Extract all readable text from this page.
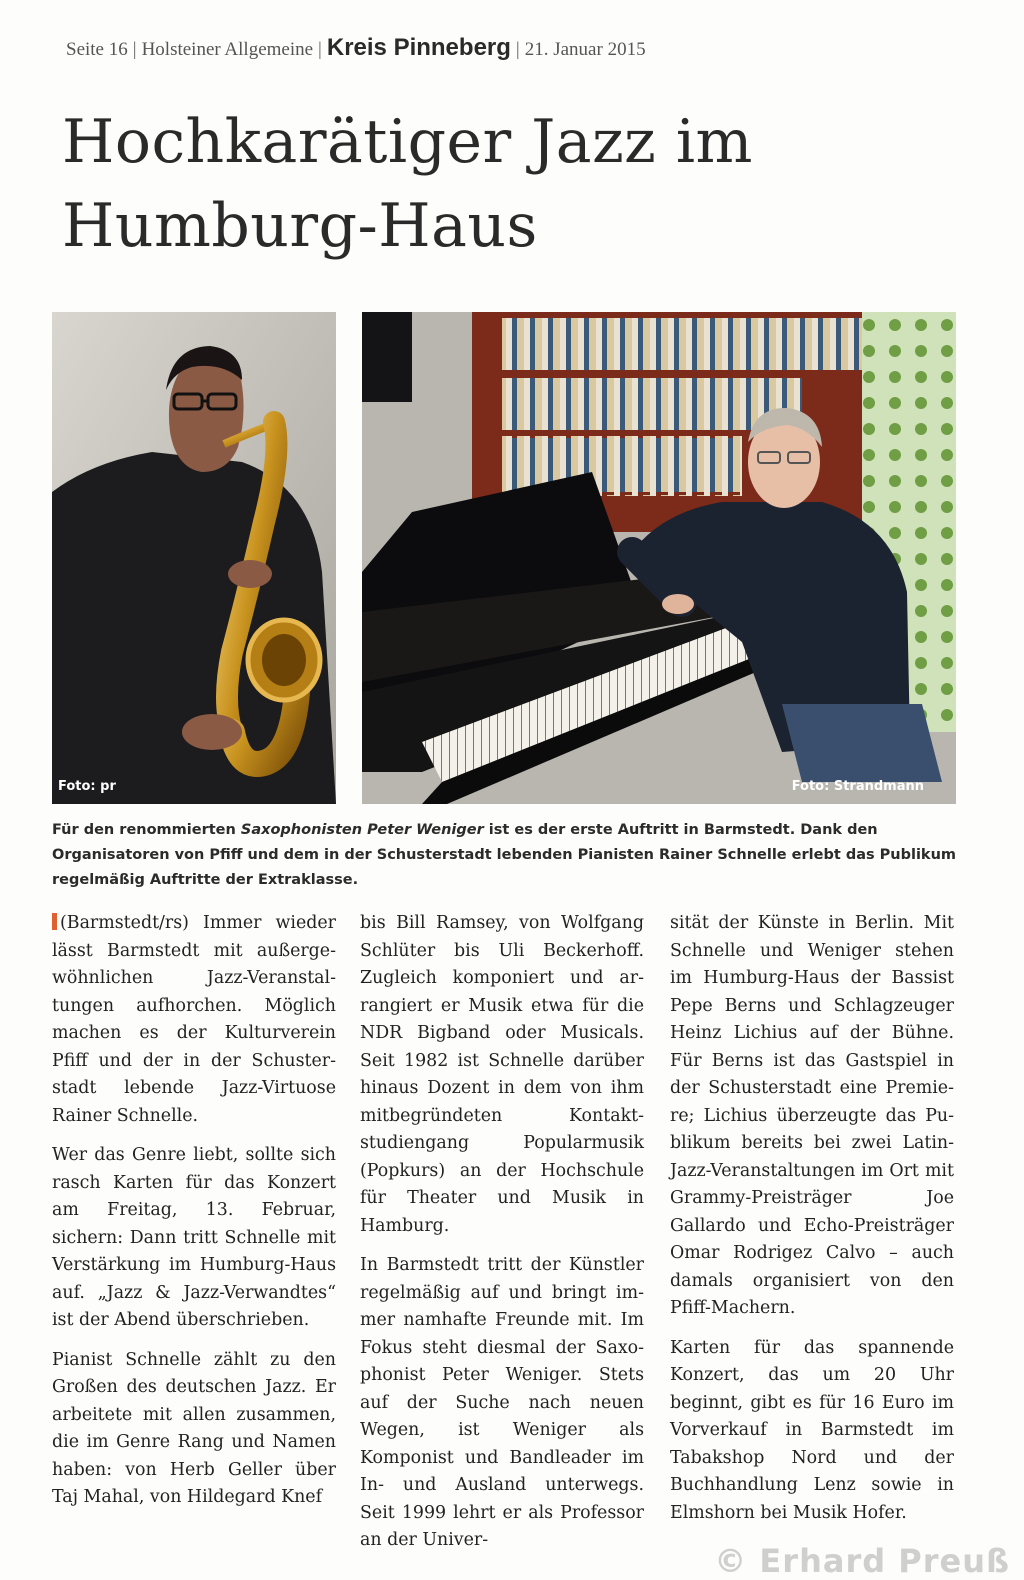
Seite 16 | Holsteiner Allgemeine | Kreis Pinneberg | 21. Januar 2015
Hochkarätiger Jazz im
Humburg-Haus
Foto: pr	Foto: Strandmann

Für den renommierten Saxophonisten Peter Weniger ist es der erste Auftritt in Barmstedt. Dank den Organisatoren von Pfiff und dem in der Schusterstadt lebenden Pianisten Rainer Schnelle erlebt das Publikum regelmäßig Auftritte der Extraklasse.

(Barmstedt/rs) Immer wieder lässt Barmstedt mit außergewöhnlichen Jazz-Veranstaltungen aufhorchen. Möglich machen es der Kulturverein Pfiff und der in der Schusterstadt lebende Jazz-Virtuose Rainer Schnelle.

Wer das Genre liebt, sollte sich rasch Karten für das Konzert am Freitag, 13. Februar, sichern: Dann tritt Schnelle mit Verstärkung im Humburg-Haus auf. „Jazz & Jazz-Verwandtes“ ist der Abend überschrieben.

Pianist Schnelle zählt zu den Großen des deutschen Jazz. Er arbeitete mit allen zusammen, die im Genre Rang und Namen haben: von Herb Geller über Taj Mahal, von Hildegard Knef

bis Bill Ramsey, von Wolfgang Schlüter bis Uli Beckerhoff. Zugleich komponiert und arrangiert er Musik etwa für die NDR Bigband oder Musicals. Seit 1982 ist Schnelle darüber hinaus Dozent in dem von ihm mitbegründeten Kontaktstudiengang Popularmusik (Popkurs) an der Hochschule für Theater und Musik in Hamburg.

In Barmstedt tritt der Künstler regelmäßig auf und bringt immer namhafte Freunde mit. Im Fokus steht diesmal der Saxophonist Peter Weniger. Stets auf der Suche nach neuen Wegen, ist Weniger als Komponist und Bandleader im In- und Ausland unterwegs. Seit 1999 lehrt er als Professor an der Univer-

sität der Künste in Berlin. Mit Schnelle und Weniger stehen im Humburg-Haus der Bassist Pepe Berns und Schlagzeuger Heinz Lichius auf der Bühne. Für Berns ist das Gastspiel in der Schusterstadt eine Premiere; Lichius überzeugte das Publikum bereits bei zwei Latin-Jazz-Veranstaltungen im Ort mit Grammy-Preisträger Joe Gallardo und Echo-Preisträger Omar Rodrigez Calvo – auch damals organisiert von den Pfiff-Machern.

Karten für das spannende Konzert, das um 20 Uhr beginnt, gibt es für 16 Euro im Vorverkauf in Barmstedt im Tabakshop Nord und der Buchhandlung Lenz sowie in Elmshorn bei Musik Hofer.

© Erhard Preuß
